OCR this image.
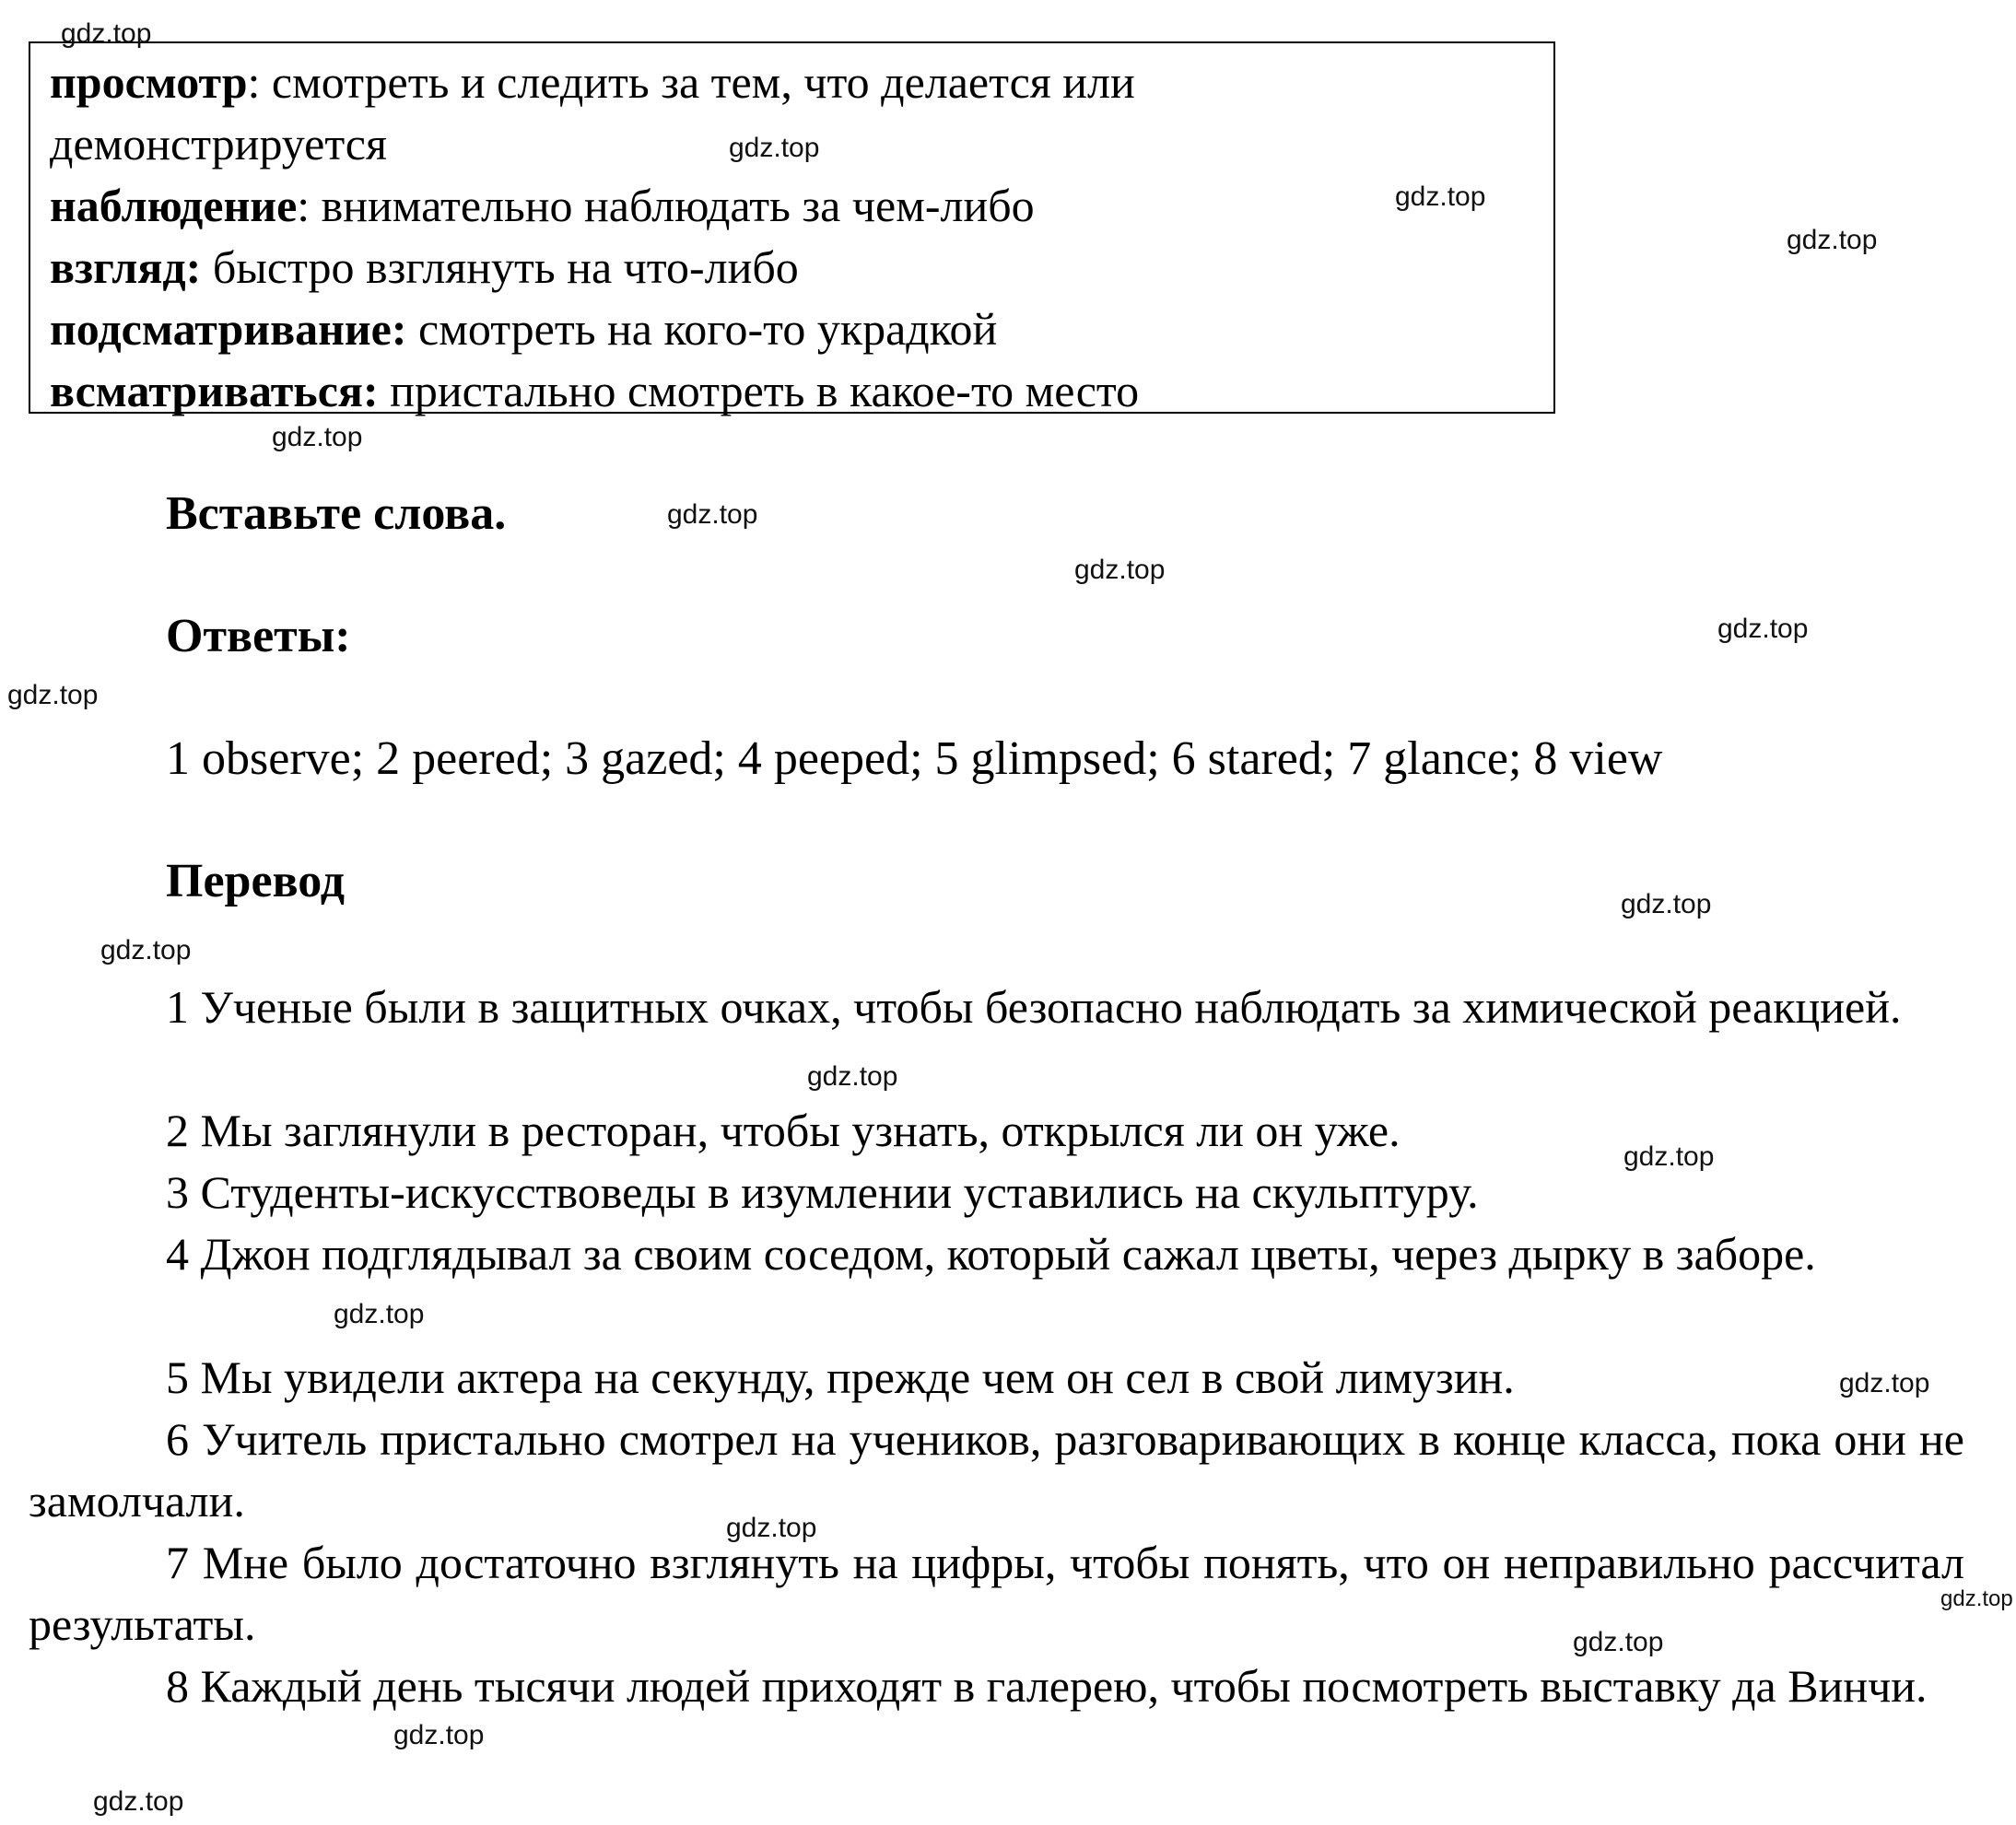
просмотр: смотреть и следить за тем, что делается или
демонстрируется
наблюдение: внимательно наблюдать за чем-либо
взгляд: быстро взглянуть на что-либо
подсматривание: смотреть на кого-то украдкой
всматриваться: пристально смотреть в какое-то место
Вставьте слова.
Ответы:
1 observe; 2 peered; 3 gazed; 4 peeped; 5 glimpsed; 6 stared; 7 glance; 8 view
Перевод
1 Ученые были в защитных очках, чтобы безопасно наблюдать за химической реакцией.
2 Мы заглянули в ресторан, чтобы узнать, открылся ли он уже.
3 Студенты-искусствоведы в изумлении уставились на скульптуру.
4 Джон подглядывал за своим соседом, который сажал цветы, через дырку в заборе.
5 Мы увидели актера на секунду, прежде чем он сел в свой лимузин.
6 Учитель пристально смотрел на учеников, разговаривающих в конце класса, пока они не замолчали.
7 Мне было достаточно взглянуть на цифры, чтобы понять, что он неправильно рассчитал результаты.
8 Каждый день тысячи людей приходят в галерею, чтобы посмотреть выставку да Винчи.
gdz.top
gdz.top
gdz.top
gdz.top
gdz.top
gdz.top
gdz.top
gdz.top
gdz.top
gdz.top
gdz.top
gdz.top
gdz.top
gdz.top
gdz.top
gdz.top
gdz.top
gdz.top
gdz.top
gdz.top
